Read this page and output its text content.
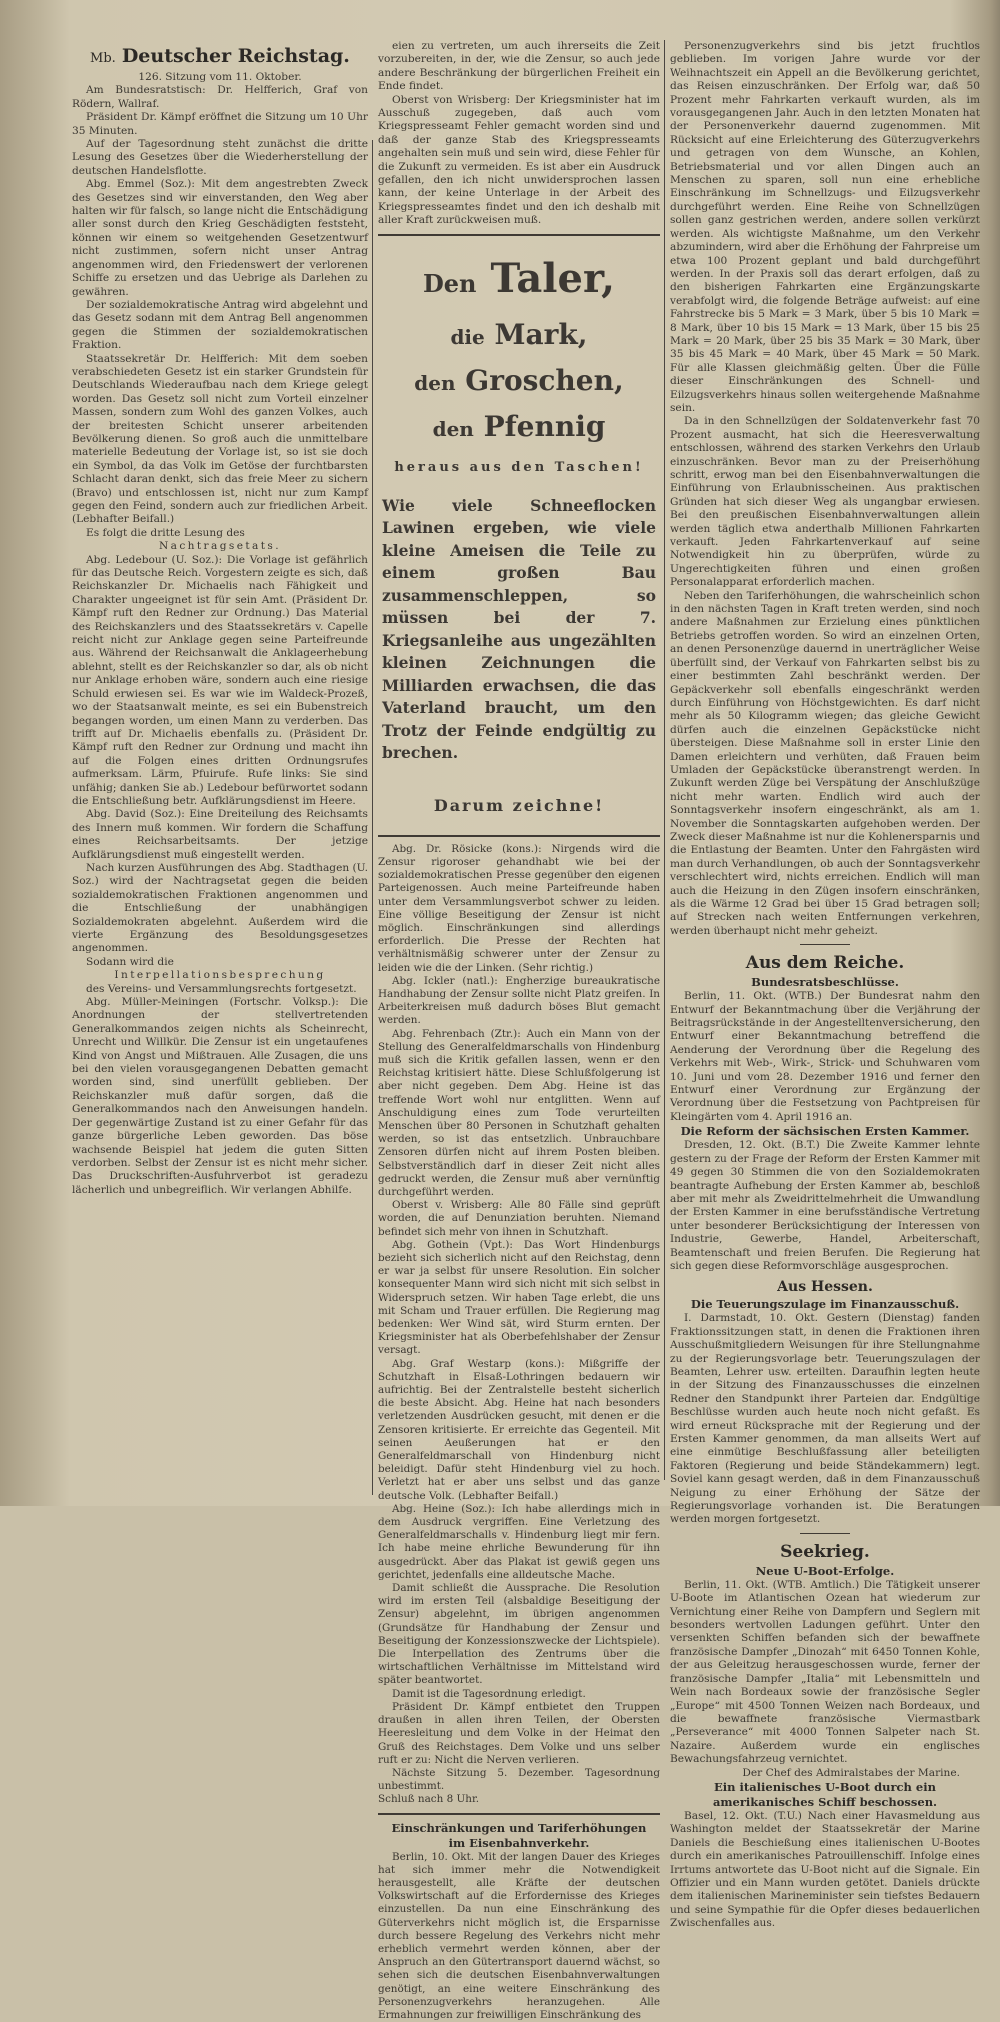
Mb. Deutscher Reichstag.
126. Sitzung vom 11. Oktober.

Am Bundesratstisch: Dr. Helfferich, Graf von Rödern, Wallraf.

Präsident Dr. Kämpf eröffnet die Sitzung um 10 Uhr 35 Minuten.

Auf der Tagesordnung steht zunächst die dritte Lesung des Gesetzes über die Wiederherstellung der deutschen Handelsflotte.

Abg. Emmel (Soz.): Mit dem angestrebten Zweck des Gesetzes sind wir einverstanden, den Weg aber halten wir für falsch, so lange nicht die Entschädigung aller sonst durch den Krieg Geschädigten feststeht, können wir einem so weitgehenden Gesetzentwurf nicht zustimmen, sofern nicht unser Antrag angenommen wird, den Friedenswert der verlorenen Schiffe zu ersetzen und das Uebrige als Darlehen zu gewähren.

Der sozialdemokratische Antrag wird abgelehnt und das Gesetz sodann mit dem Antrag Bell angenommen gegen die Stimmen der sozialdemokratischen Fraktion.

Staatssekretär Dr. Helfferich: Mit dem soeben verabschiedeten Gesetz ist ein starker Grundstein für Deutschlands Wiederaufbau nach dem Kriege gelegt worden. Das Gesetz soll nicht zum Vorteil einzelner Massen, sondern zum Wohl des ganzen Volkes, auch der breitesten Schicht unserer arbeitenden Bevölkerung dienen. So groß auch die unmittelbare materielle Bedeutung der Vorlage ist, so ist sie doch ein Symbol, da das Volk im Getöse der furchtbarsten Schlacht daran denkt, sich das freie Meer zu sichern (Bravo) und entschlossen ist, nicht nur zum Kampf gegen den Feind, sondern auch zur friedlichen Arbeit. (Lebhafter Beifall.)

Es folgt die dritte Lesung des

Nachtragsetats.

Abg. Ledebour (U. Soz.): Die Vorlage ist gefährlich für das Deutsche Reich. Vorgestern zeigte es sich, daß Reichskanzler Dr. Michaelis nach Fähigkeit und Charakter ungeeignet ist für sein Amt. (Präsident Dr. Kämpf ruft den Redner zur Ordnung.) Das Material des Reichskanzlers und des Staatssekretärs v. Capelle reicht nicht zur Anklage gegen seine Parteifreunde aus. Während der Reichsanwalt die Anklageerhebung ablehnt, stellt es der Reichskanzler so dar, als ob nicht nur Anklage erhoben wäre, sondern auch eine riesige Schuld erwiesen sei. Es war wie im Waldeck-Prozeß, wo der Staatsanwalt meinte, es sei ein Bubenstreich begangen worden, um einen Mann zu verderben. Das trifft auf Dr. Michaelis ebenfalls zu. (Präsident Dr. Kämpf ruft den Redner zur Ordnung und macht ihn auf die Folgen eines dritten Ordnungsrufes aufmerksam. Lärm, Pfuirufe. Rufe links: Sie sind unfähig; danken Sie ab.) Ledebour befürwortet sodann die Entschließung betr. Aufklärungsdienst im Heere.

Abg. David (Soz.): Eine Dreiteilung des Reichsamts des Innern muß kommen. Wir fordern die Schaffung eines Reichsarbeitsamts. Der jetzige Aufklärungsdienst muß eingestellt werden.

Nach kurzen Ausführungen des Abg. Stadthagen (U. Soz.) wird der Nachtragsetat gegen die beiden sozialdemokratischen Fraktionen angenommen und die Entschließung der unabhängigen Sozialdemokraten abgelehnt. Außerdem wird die vierte Ergänzung des Besoldungsgesetzes angenommen.

Sodann wird die

Interpellationsbesprechung

des Vereins- und Versammlungsrechts fortgesetzt.

Abg. Müller-Meiningen (Fortschr. Volksp.): Die Anordnungen der stellvertretenden Generalkommandos zeigen nichts als Scheinrecht, Unrecht und Willkür. Die Zensur ist ein ungetaufenes Kind von Angst und Mißtrauen. Alle Zusagen, die uns bei den vielen vorausgegangenen Debatten gemacht worden sind, sind unerfüllt geblieben. Der Reichskanzler muß dafür sorgen, daß die Generalkommandos nach den Anweisungen handeln. Der gegenwärtige Zustand ist zu einer Gefahr für das ganze bürgerliche Leben geworden. Das böse wachsende Beispiel hat jedem die guten Sitten verdorben. Selbst der Zensur ist es nicht mehr sicher. Das Druckschriften-Ausfuhrverbot ist geradezu lächerlich und unbegreiflich. Wir verlangen Abhilfe.

eien zu vertreten, um auch ihrerseits die Zeit vorzubereiten, in der, wie die Zensur, so auch jede andere Beschränkung der bürgerlichen Freiheit ein Ende findet.

Oberst von Wrisberg: Der Kriegsminister hat im Ausschuß zugegeben, daß auch vom Kriegspresseamt Fehler gemacht worden sind und daß der ganze Stab des Kriegspresseamts angehalten sein muß und sein wird, diese Fehler für die Zukunft zu vermeiden. Es ist aber ein Ausdruck gefallen, den ich nicht unwidersprochen lassen kann, der keine Unterlage in der Arbeit des Kriegspresseamtes findet und den ich deshalb mit aller Kraft zurückweisen muß.

Den Taler,
die Mark,
den Groschen,
den Pfennig
heraus aus den Taschen!
Wie viele Schneeflocken Lawinen ergeben, wie viele kleine Ameisen die Teile zu einem großen Bau zusammenschleppen, so müssen bei der 7. Kriegsanleihe aus ungezählten kleinen Zeichnungen die Milliarden erwachsen, die das Vaterland braucht, um den Trotz der Feinde endgültig zu brechen.
Darum zeichne!

Abg. Dr. Rösicke (kons.): Nirgends wird die Zensur rigoroser gehandhabt wie bei der sozialdemokratischen Presse gegenüber den eigenen Parteigenossen. Auch meine Parteifreunde haben unter dem Versammlungsverbot schwer zu leiden. Eine völlige Beseitigung der Zensur ist nicht möglich. Einschränkungen sind allerdings erforderlich. Die Presse der Rechten hat verhältnismäßig schwerer unter der Zensur zu leiden wie die der Linken. (Sehr richtig.)

Abg. Ickler (natl.): Engherzige bureaukratische Handhabung der Zensur sollte nicht Platz greifen. In Arbeiterkreisen muß dadurch böses Blut gemacht werden.

Abg. Fehrenbach (Ztr.): Auch ein Mann von der Stellung des Generalfeldmarschalls von Hindenburg muß sich die Kritik gefallen lassen, wenn er den Reichstag kritisiert hätte. Diese Schlußfolgerung ist aber nicht gegeben. Dem Abg. Heine ist das treffende Wort wohl nur entglitten. Wenn auf Anschuldigung eines zum Tode verurteilten Menschen über 80 Personen in Schutzhaft gehalten werden, so ist das entsetzlich. Unbrauchbare Zensoren dürfen nicht auf ihrem Posten bleiben. Selbstverständlich darf in dieser Zeit nicht alles gedruckt werden, die Zensur muß aber vernünftig durchgeführt werden.

Oberst v. Wrisberg: Alle 80 Fälle sind geprüft worden, die auf Denunziation beruhten. Niemand befindet sich mehr von ihnen in Schutzhaft.

Abg. Gothein (Vpt.): Das Wort Hindenburgs bezieht sich sicherlich nicht auf den Reichstag, denn er war ja selbst für unsere Resolution. Ein solcher konsequenter Mann wird sich nicht mit sich selbst in Widerspruch setzen. Wir haben Tage erlebt, die uns mit Scham und Trauer erfüllen. Die Regierung mag bedenken: Wer Wind sät, wird Sturm ernten. Der Kriegsminister hat als Oberbefehlshaber der Zensur versagt.

Abg. Graf Westarp (kons.): Mißgriffe der Schutzhaft in Elsaß-Lothringen bedauern wir aufrichtig. Bei der Zentralstelle besteht sicherlich die beste Absicht. Abg. Heine hat nach besonders verletzenden Ausdrücken gesucht, mit denen er die Zensoren kritisierte. Er erreichte das Gegenteil. Mit seinen Aeußerungen hat er den Generalfeldmarschall von Hindenburg nicht beleidigt. Dafür steht Hindenburg viel zu hoch. Verletzt hat er aber uns selbst und das ganze deutsche Volk. (Lebhafter Beifall.)

Abg. Heine (Soz.): Ich habe allerdings mich in dem Ausdruck vergriffen. Eine Verletzung des Generalfeldmarschalls v. Hindenburg liegt mir fern. Ich habe meine ehrliche Bewunderung für ihn ausgedrückt. Aber das Plakat ist gewiß gegen uns gerichtet, jedenfalls eine alldeutsche Mache.

Damit schließt die Aussprache. Die Resolution wird im ersten Teil (alsbaldige Beseitigung der Zensur) abgelehnt, im übrigen angenommen (Grundsätze für Handhabung der Zensur und Beseitigung der Konzessionszwecke der Lichtspiele). Die Interpellation des Zentrums über die wirtschaftlichen Verhältnisse im Mittelstand wird später beantwortet.

Damit ist die Tagesordnung erledigt.

Präsident Dr. Kämpf entbietet den Truppen draußen in allen ihren Teilen, der Obersten Heeresleitung und dem Volke in der Heimat den Gruß des Reichstages. Dem Volke und uns selber ruft er zu: Nicht die Nerven verlieren.

Nächste Sitzung 5. Dezember. Tagesordnung unbestimmt.

Schluß nach 8 Uhr.
Einschränkungen und Tariferhöhungen
im Eisenbahnverkehr.

Berlin, 10. Okt. Mit der langen Dauer des Krieges hat sich immer mehr die Notwendigkeit herausgestellt, alle Kräfte der deutschen Volkswirtschaft auf die Erfordernisse des Krieges einzustellen. Da nun eine Einschränkung des Güterverkehrs nicht möglich ist, die Ersparnisse durch bessere Regelung des Verkehrs nicht mehr erheblich vermehrt werden können, aber der Anspruch an den Gütertransport dauernd wächst, so sehen sich die deutschen Eisenbahnverwaltungen genötigt, an eine weitere Einschränkung des Personenzugverkehrs heranzugehen. Alle Ermahnungen zur freiwilligen Einschränkung des

Personenzugverkehrs sind bis jetzt fruchtlos geblieben. Im vorigen Jahre wurde vor der Weihnachtszeit ein Appell an die Bevölkerung gerichtet, das Reisen einzuschränken. Der Erfolg war, daß 50 Prozent mehr Fahrkarten verkauft wurden, als im vorausgegangenen Jahr. Auch in den letzten Monaten hat der Personenverkehr dauernd zugenommen. Mit Rücksicht auf eine Erleichterung des Güterzugverkehrs und getragen von dem Wunsche, an Kohlen, Betriebsmaterial und vor allen Dingen auch an Menschen zu sparen, soll nun eine erhebliche Einschränkung im Schnellzugs- und Eilzugsverkehr durchgeführt werden. Eine Reihe von Schnellzügen sollen ganz gestrichen werden, andere sollen verkürzt werden. Als wichtigste Maßnahme, um den Verkehr abzumindern, wird aber die Erhöhung der Fahrpreise um etwa 100 Prozent geplant und bald durchgeführt werden. In der Praxis soll das derart erfolgen, daß zu den bisherigen Fahrkarten eine Ergänzungskarte verabfolgt wird, die folgende Beträge aufweist: auf eine Fahrstrecke bis 5 Mark = 3 Mark, über 5 bis 10 Mark = 8 Mark, über 10 bis 15 Mark = 13 Mark, über 15 bis 25 Mark = 20 Mark, über 25 bis 35 Mark = 30 Mark, über 35 bis 45 Mark = 40 Mark, über 45 Mark = 50 Mark. Für alle Klassen gleichmäßig gelten. Über die Fülle dieser Einschränkungen des Schnell- und Eilzugsverkehrs hinaus sollen weitergehende Maßnahme sein.

Da in den Schnellzügen der Soldatenverkehr fast 70 Prozent ausmacht, hat sich die Heeresverwaltung entschlossen, während des starken Verkehrs den Urlaub einzuschränken. Bevor man zu der Preiserhöhung schritt, erwog man bei den Eisenbahnverwaltungen die Einführung von Erlaubnisscheinen. Aus praktischen Gründen hat sich dieser Weg als ungangbar erwiesen. Bei den preußischen Eisenbahnverwaltungen allein werden täglich etwa anderthalb Millionen Fahrkarten verkauft. Jeden Fahrkartenverkauf auf seine Notwendigkeit hin zu überprüfen, würde zu Ungerechtigkeiten führen und einen großen Personalapparat erforderlich machen.

Neben den Tariferhöhungen, die wahrscheinlich schon in den nächsten Tagen in Kraft treten werden, sind noch andere Maßnahmen zur Erzielung eines pünktlichen Betriebs getroffen worden. So wird an einzelnen Orten, an denen Personenzüge dauernd in unerträglicher Weise überfüllt sind, der Verkauf von Fahrkarten selbst bis zu einer bestimmten Zahl beschränkt werden. Der Gepäckverkehr soll ebenfalls eingeschränkt werden durch Einführung von Höchstgewichten. Es darf nicht mehr als 50 Kilogramm wiegen; das gleiche Gewicht dürfen auch die einzelnen Gepäckstücke nicht übersteigen. Diese Maßnahme soll in erster Linie den Damen erleichtern und verhüten, daß Frauen beim Umladen der Gepäckstücke überanstrengt werden. In Zukunft werden Züge bei Verspätung der Anschlußzüge nicht mehr warten. Endlich wird auch der Sonntagsverkehr insofern eingeschränkt, als am 1. November die Sonntagskarten aufgehoben werden. Der Zweck dieser Maßnahme ist nur die Kohlenersparnis und die Entlastung der Beamten. Unter den Fahrgästen wird man durch Verhandlungen, ob auch der Sonntagsverkehr verschlechtert wird, nichts erreichen. Endlich will man auch die Heizung in den Zügen insofern einschränken, als die Wärme 12 Grad bei über 15 Grad betragen soll; auf Strecken nach weiten Entfernungen verkehren, werden überhaupt nicht mehr geheizt.

Aus dem Reiche.
Bundesratsbeschlüsse.

Berlin, 11. Okt. (WTB.) Der Bundesrat nahm den Entwurf der Bekanntmachung über die Verjährung der Beitragsrückstände in der Angestelltenversicherung, den Entwurf einer Bekanntmachung betreffend die Aenderung der Verordnung über die Regelung des Verkehrs mit Web-, Wirk-, Strick- und Schuhwaren vom 10. Juni und vom 28. Dezember 1916 und ferner den Entwurf einer Verordnung zur Ergänzung der Verordnung über die Festsetzung von Pachtpreisen für Kleingärten vom 4. April 1916 an.

Die Reform der sächsischen Ersten Kammer.

Dresden, 12. Okt. (B.T.) Die Zweite Kammer lehnte gestern zu der Frage der Reform der Ersten Kammer mit 49 gegen 30 Stimmen die von den Sozialdemokraten beantragte Aufhebung der Ersten Kammer ab, beschloß aber mit mehr als Zweidrittelmehrheit die Umwandlung der Ersten Kammer in eine berufsständische Vertretung unter besonderer Berücksichtigung der Interessen von Industrie, Gewerbe, Handel, Arbeiterschaft, Beamtenschaft und freien Berufen. Die Regierung hat sich gegen diese Reformvorschläge ausgesprochen.

Aus Hessen.
Die Teuerungszulage im Finanzausschuß.

I. Darmstadt, 10. Okt. Gestern (Dienstag) fanden Fraktionssitzungen statt, in denen die Fraktionen ihren Ausschußmitgliedern Weisungen für ihre Stellungnahme zu der Regierungsvorlage betr. Teuerungszulagen der Beamten, Lehrer usw. erteilten. Daraufhin legten heute in der Sitzung des Finanzausschusses die einzelnen Redner den Standpunkt ihrer Parteien dar. Endgültige Beschlüsse wurden auch heute noch nicht gefaßt. Es wird erneut Rücksprache mit der Regierung und der Ersten Kammer genommen, da man allseits Wert auf eine einmütige Beschlußfassung aller beteiligten Faktoren (Regierung und beide Ständekammern) legt. Soviel kann gesagt werden, daß in dem Finanzausschuß Neigung zu einer Erhöhung der Sätze der Regierungsvorlage vorhanden ist. Die Beratungen werden morgen fortgesetzt.

Seekrieg.
Neue U-Boot-Erfolge.

Berlin, 11. Okt. (WTB. Amtlich.) Die Tätigkeit unserer U-Boote im Atlantischen Ozean hat wiederum zur Vernichtung einer Reihe von Dampfern und Seglern mit besonders wertvollen Ladungen geführt. Unter den versenkten Schiffen befanden sich der bewaffnete französische Dampfer „Dinozah“ mit 6450 Tonnen Kohle, der aus Geleitzug herausgeschossen wurde, ferner der französische Dampfer „Italia“ mit Lebensmitteln und Wein nach Bordeaux sowie der französische Segler „Europe“ mit 4500 Tonnen Weizen nach Bordeaux, und die bewaffnete französische Viermastbark „Perseverance“ mit 4000 Tonnen Salpeter nach St. Nazaire. Außerdem wurde ein englisches Bewachungsfahrzeug vernichtet.

Der Chef des Admiralstabes der Marine.
Ein italienisches U-Boot durch ein amerikanisches Schiff beschossen.

Basel, 12. Okt. (T.U.) Nach einer Havasmeldung aus Washington meldet der Staatssekretär der Marine Daniels die Beschießung eines italienischen U-Bootes durch ein amerikanisches Patrouillenschiff. Infolge eines Irrtums antwortete das U-Boot nicht auf die Signale. Ein Offizier und ein Mann wurden getötet. Daniels drückte dem italienischen Marineminister sein tiefstes Bedauern und seine Sympathie für die Opfer dieses bedauerlichen Zwischenfalles aus.
